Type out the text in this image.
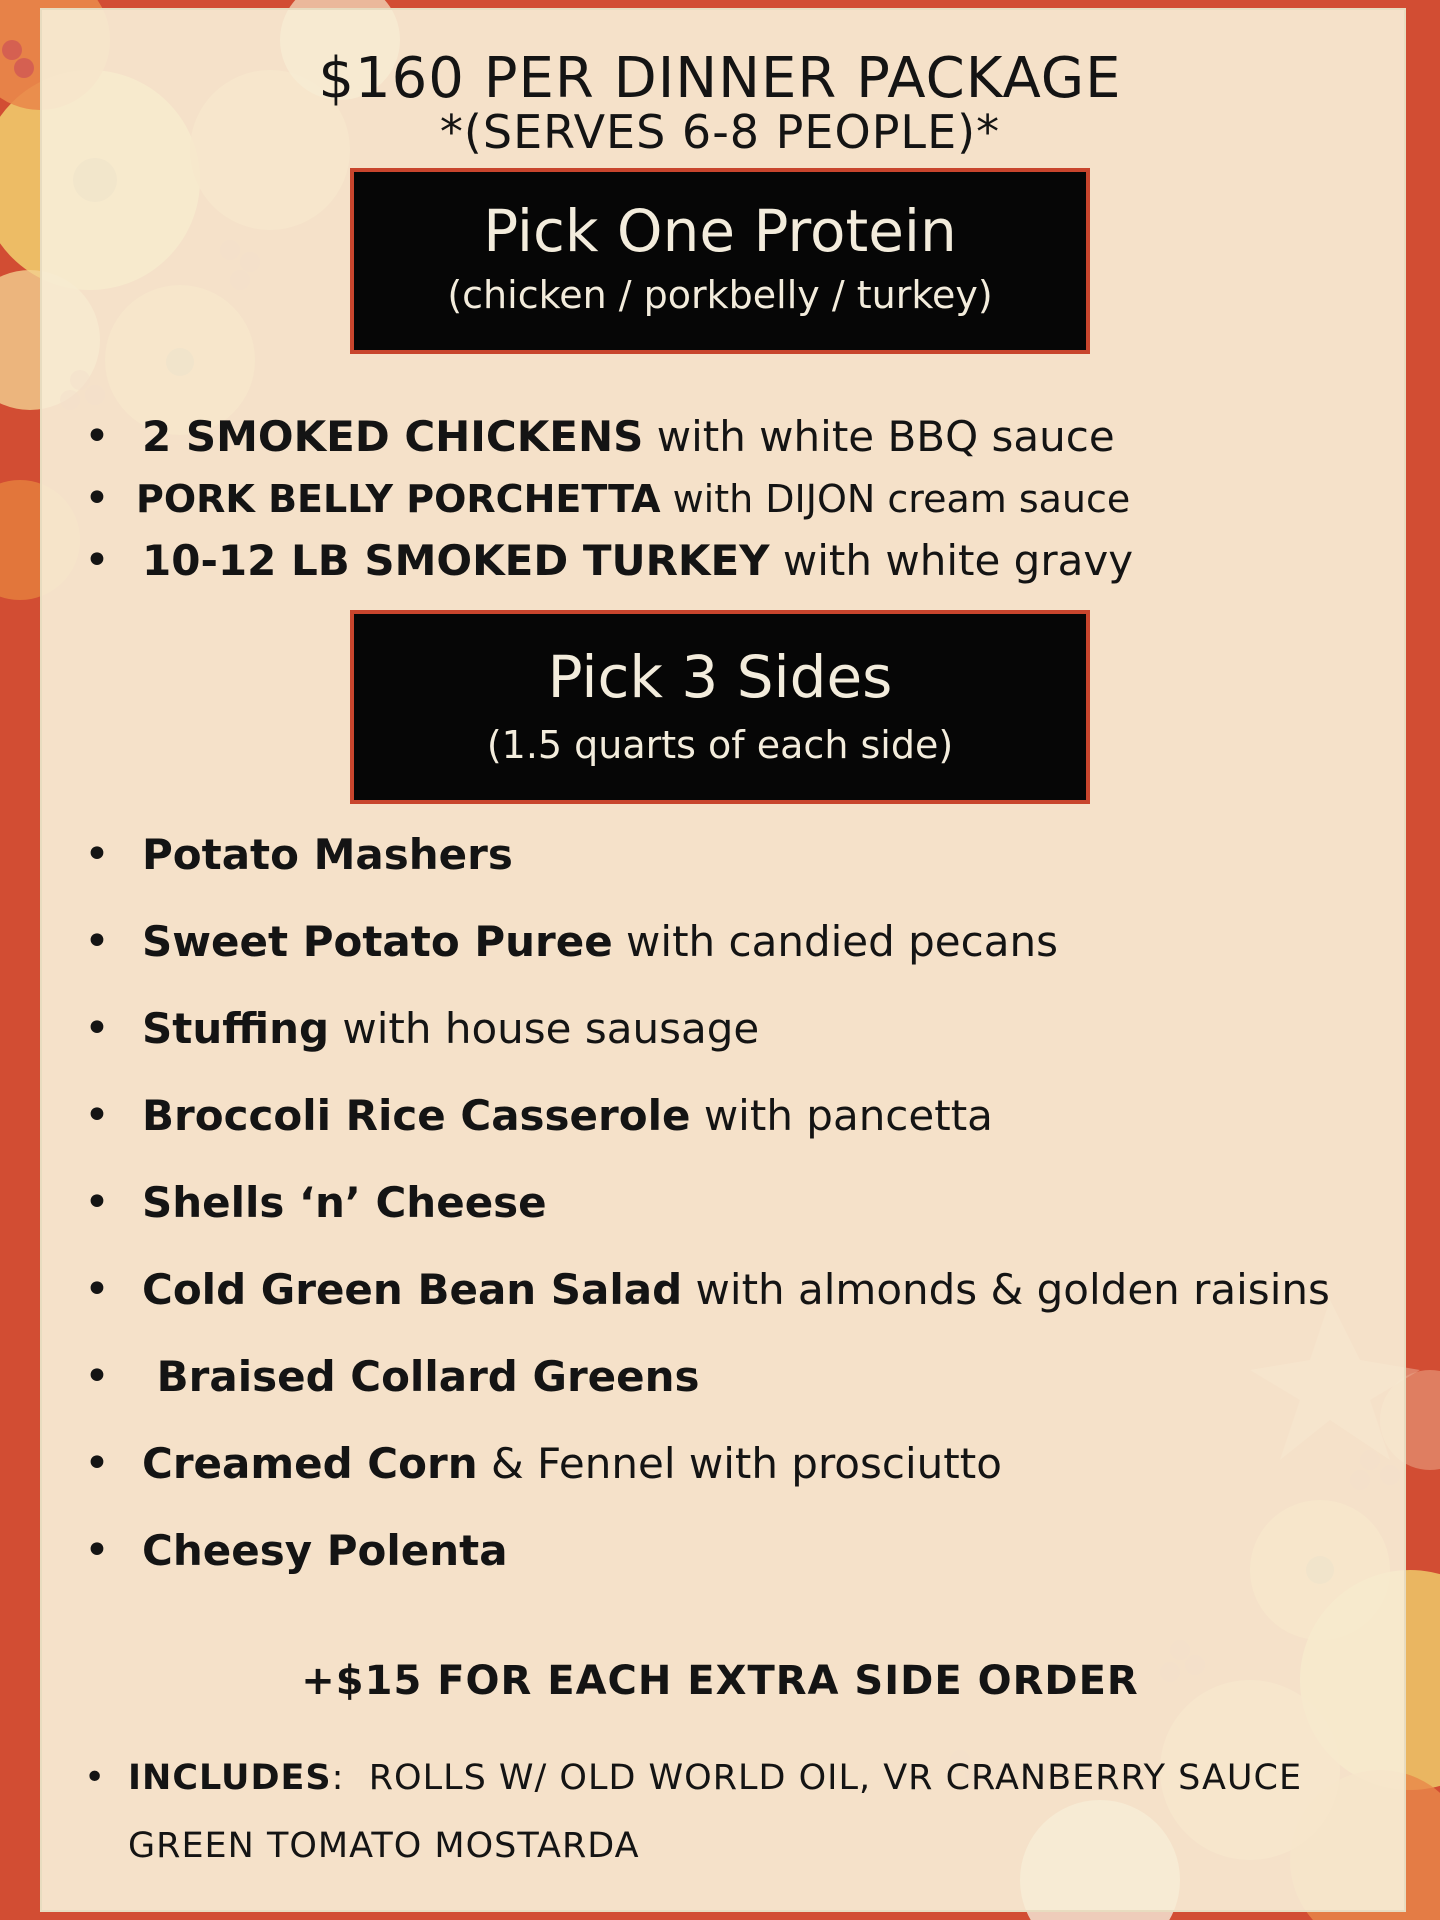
$160 PER DINNER PACKAGE
*(SERVES 6-8 PEOPLE)*
Pick One Protein
(chicken / porkbelly / turkey)
• 2 SMOKED CHICKENS with white BBQ sauce
• PORK BELLY PORCHETTA with DIJON cream sauce
• 10-12 LB SMOKED TURKEY with white gravy
Pick 3 Sides
(1.5 quarts of each side)
• Potato Mashers
• Sweet Potato Puree with candied pecans
• Stuffing with house sausage
• Broccoli Rice Casserole with pancetta
• Shells ‘n’ Cheese
• Cold Green Bean Salad with almonds & golden raisins
• Braised Collard Greens
• Creamed Corn & Fennel with prosciutto
• Cheesy Polenta
+$15 FOR EACH EXTRA SIDE ORDER
• INCLUDES:  ROLLS W/ OLD WORLD OIL, VR CRANBERRY SAUCE GREEN TOMATO MOSTARDA
